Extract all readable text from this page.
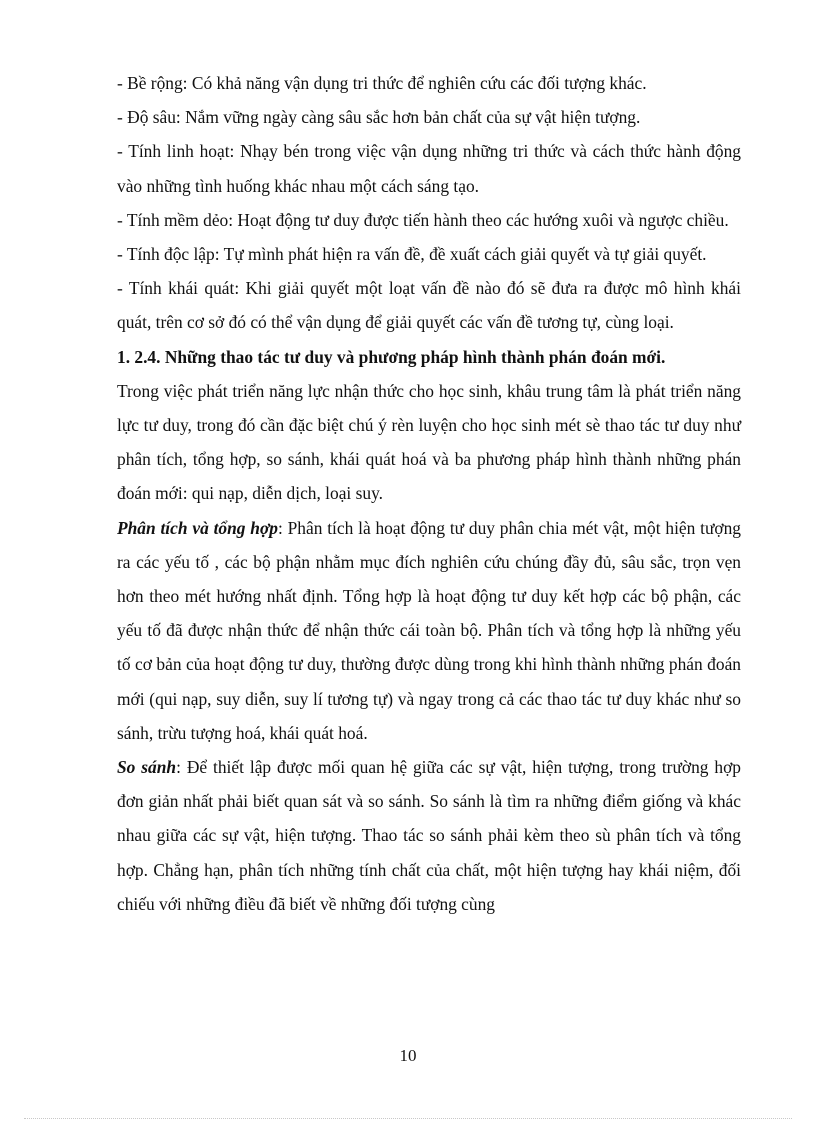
- Bề rộng: Có khả năng vận dụng tri thức để nghiên cứu các đối tượng khác.

- Độ sâu: Nắm vững ngày càng sâu sắc hơn bản chất của sự vật hiện tượng.

- Tính linh hoạt: Nhạy bén trong việc vận dụng những tri thức và cách thức hành động vào những tình huống khác nhau một cách sáng tạo.

- Tính mềm dẻo: Hoạt động tư duy được tiến hành theo các hướng xuôi và ngược chiều.

- Tính độc lập: Tự mình phát hiện ra vấn đề, đề xuất cách giải quyết và tự giải quyết.

- Tính khái quát: Khi giải quyết một loạt vấn đề nào đó sẽ đưa ra được mô hình khái quát, trên cơ sở đó có thể vận dụng để giải quyết các vấn đề tương tự, cùng loại.

1. 2.4. Những thao tác tư duy và phương pháp hình thành phán đoán mới.

Trong việc phát triển năng lực nhận thức cho học sinh, khâu trung tâm là phát triển năng lực tư duy, trong đó cần đặc biệt chú ý rèn luyện cho học sinh mét sè thao tác tư duy như phân tích, tổng hợp, so sánh, khái quát hoá và ba phương pháp hình thành những phán đoán mới: qui nạp, diễn dịch, loại suy.

Phân tích và tổng hợp: Phân tích là hoạt động tư duy phân chia mét vật, một hiện tượng ra các yếu tố , các bộ phận nhằm mục đích nghiên cứu chúng đầy đủ, sâu sắc, trọn vẹn hơn theo mét hướng nhất định. Tổng hợp là hoạt động tư duy kết hợp các bộ phận, các yếu tố đã được nhận thức để nhận thức cái toàn bộ. Phân tích và tổng hợp là những yếu tố cơ bản của hoạt động tư duy, thường được dùng trong khi hình thành những phán đoán mới (qui nạp, suy diễn, suy lí tương tự) và ngay trong cả các thao tác tư duy khác như so sánh, trừu tượng hoá, khái quát hoá.

So sánh: Để thiết lập được mối quan hệ giữa các sự vật, hiện tượng, trong trường hợp đơn giản nhất phải biết quan sát và so sánh. So sánh là tìm ra những điểm giống và khác nhau giữa các sự vật, hiện tượng. Thao tác so sánh phải kèm theo sù phân tích và tổng hợp. Chẳng hạn, phân tích những tính chất của chất, một hiện tượng hay khái niệm, đối chiếu với những điều đã biết về những đối tượng cùng

10
